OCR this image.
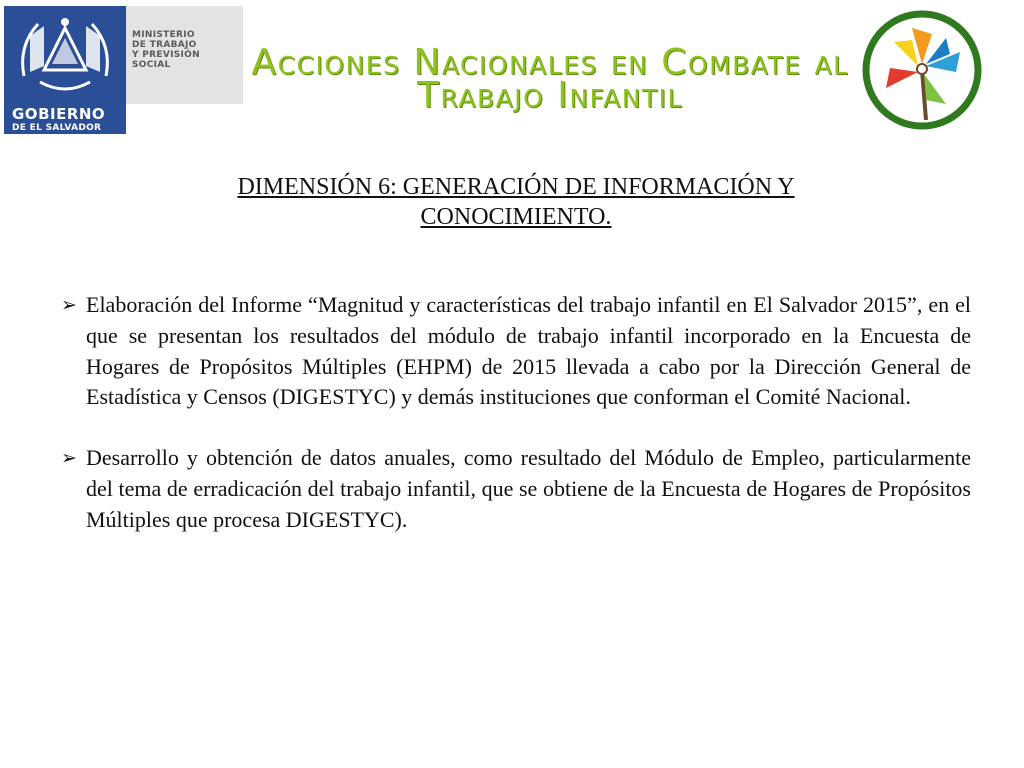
GOBIERNO
DE EL SALVADOR
MINISTERIO
DE TRABAJO
Y PREVISIÓN
SOCIAL	Acciones Nacionales en Combate al Trabajo Infantil
DIMENSIÓN 6: GENERACIÓN DE INFORMACIÓN Y CONOCIMIENTO.
➢ Elaboración del Informe “Magnitud y características del trabajo infantil en El Salvador 2015”, en el que se presentan los resultados del módulo de trabajo infantil incorporado en la Encuesta de Hogares de Propósitos Múltiples (EHPM) de 2015 llevada a cabo por la Dirección General de Estadística y Censos (DIGESTYC) y demás instituciones que conforman el Comité Nacional.
➢ Desarrollo y obtención de datos anuales, como resultado del Módulo de Empleo, particularmente del tema de erradicación del trabajo infantil, que se obtiene de la Encuesta de Hogares de Propósitos Múltiples que procesa DIGESTYC).
